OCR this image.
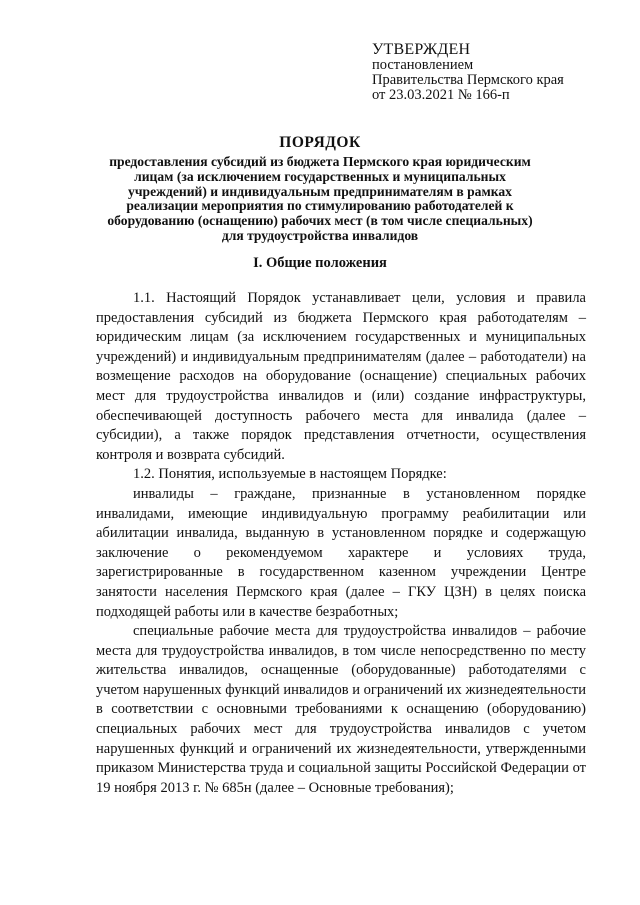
УТВЕРЖДЕН
постановлением
Правительства Пермского края
от 23.03.2021 № 166-п
ПОРЯДОК
предоставления субсидий из бюджета Пермского края юридическим лицам (за исключением государственных и муниципальных учреждений) и индивидуальным предпринимателям в рамках реализации мероприятия по стимулированию работодателей к оборудованию (оснащению) рабочих мест (в том числе специальных) для трудоустройства инвалидов
I. Общие положения

1.1. Настоящий Порядок устанавливает цели, условия и правила предоставления субсидий из бюджета Пермского края работодателям – юридическим лицам (за исключением государственных и муниципальных учреждений) и индивидуальным предпринимателям (далее – работодатели) на возмещение расходов на оборудование (оснащение) специальных рабочих мест для трудоустройства инвалидов и (или) создание инфраструктуры, обеспечивающей доступность рабочего места для инвалида (далее – субсидии), а также порядок представления отчетности, осуществления контроля и возврата субсидий.

1.2. Понятия, используемые в настоящем Порядке:

инвалиды – граждане, признанные в установленном порядке инвалидами, имеющие индивидуальную программу реабилитации или абилитации инвалида, выданную в установленном порядке и содержащую заключение о рекомендуемом характере и условиях труда, зарегистрированные в государственном казенном учреждении Центре занятости населения Пермского края (далее – ГКУ ЦЗН) в целях поиска подходящей работы или в качестве безработных;

специальные рабочие места для трудоустройства инвалидов – рабочие места для трудоустройства инвалидов, в том числе непосредственно по месту жительства инвалидов, оснащенные (оборудованные) работодателями с учетом нарушенных функций инвалидов и ограничений их жизнедеятельности в соответствии с основными требованиями к оснащению (оборудованию) специальных рабочих мест для трудоустройства инвалидов с учетом нарушенных функций и ограничений их жизнедеятельности, утвержденными приказом Министерства труда и социальной защиты Российской Федерации от 19 ноября 2013 г. № 685н (далее – Основные требования);
